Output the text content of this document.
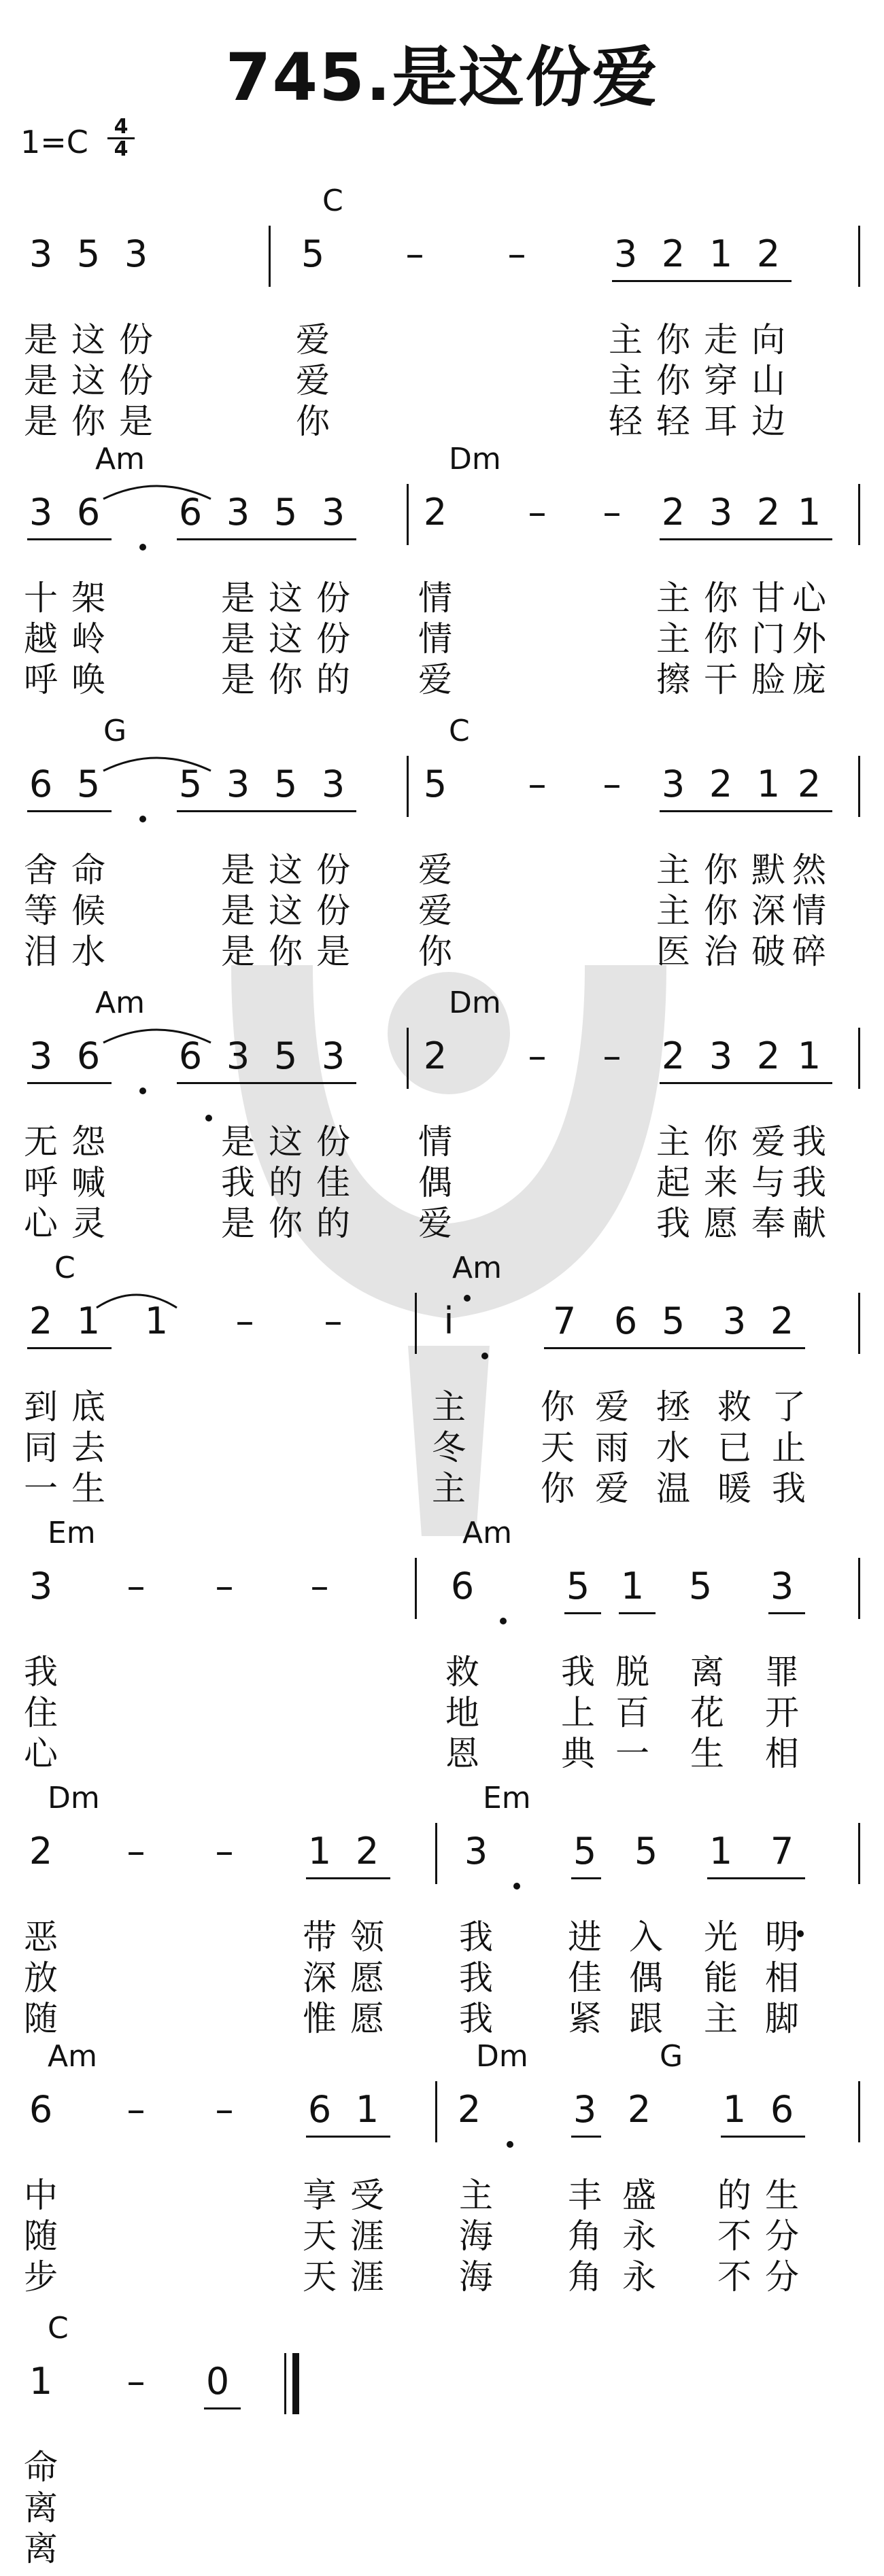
745.是这份爱
1=C	4
4
C
3 5 3	5 – – 3 2 1 2
是 这 份	爱	主 你 走 向
是 这 份	爱	主 你 穿 山
是 你 是	你	轻 轻 耳 边
Am	Dm
3 6 6 3 5 3 2 – – 2 3 2 1
十 架	是 这 份 情	主 你 甘 心
越 岭	是 这 份 情	主 你 门 外
呼 唤	是 你 的 爱	擦 干 脸 庞
G	C
6 5 5 3 5 3 5 – – 3 2 1 2
舍 命	是 这 份 爱	主 你 默 然
等 候	是 这 份 爱	主 你 深 情
泪 水	是 你 是 你	医 治 破 碎
Am	Dm
3 6 6 3 5 3 2 – – 2 3 2 1
无 怨	是 这 份 情	主 你 爱 我
呼 喊	我 的 佳 偶	起 来 与 我
心 灵	是 你 的 爱	我 愿 奉 献
C	Am
2 1 1 – –	i	7 6 5 3 2
到 底	主 你 爱 拯 救 了
同 去	冬 天 雨 水 已 止
一 生	主 你 爱 温 暖 我
Em	Am
3 – – –	6	5 1 5 3
我	救 我 脱 离 罪
住	地 上 百 花 开
心	恩 典 一 生 相
Dm	Em
2 – – 1 2 3 5 5 1 7
恶	带 领 我 进 入 光 明
放	深 愿 我 佳 偶 能 相
随	惟 愿 我 紧 跟 主 脚
Am	Dm	G
6 – – 6 1 2	3 2 1 6
中	享 受 主 丰 盛 的 生
随	天 涯 海 角 永 不 分
步	天 涯 海 角 永 不 分
C
1 – 0
命
离
离
